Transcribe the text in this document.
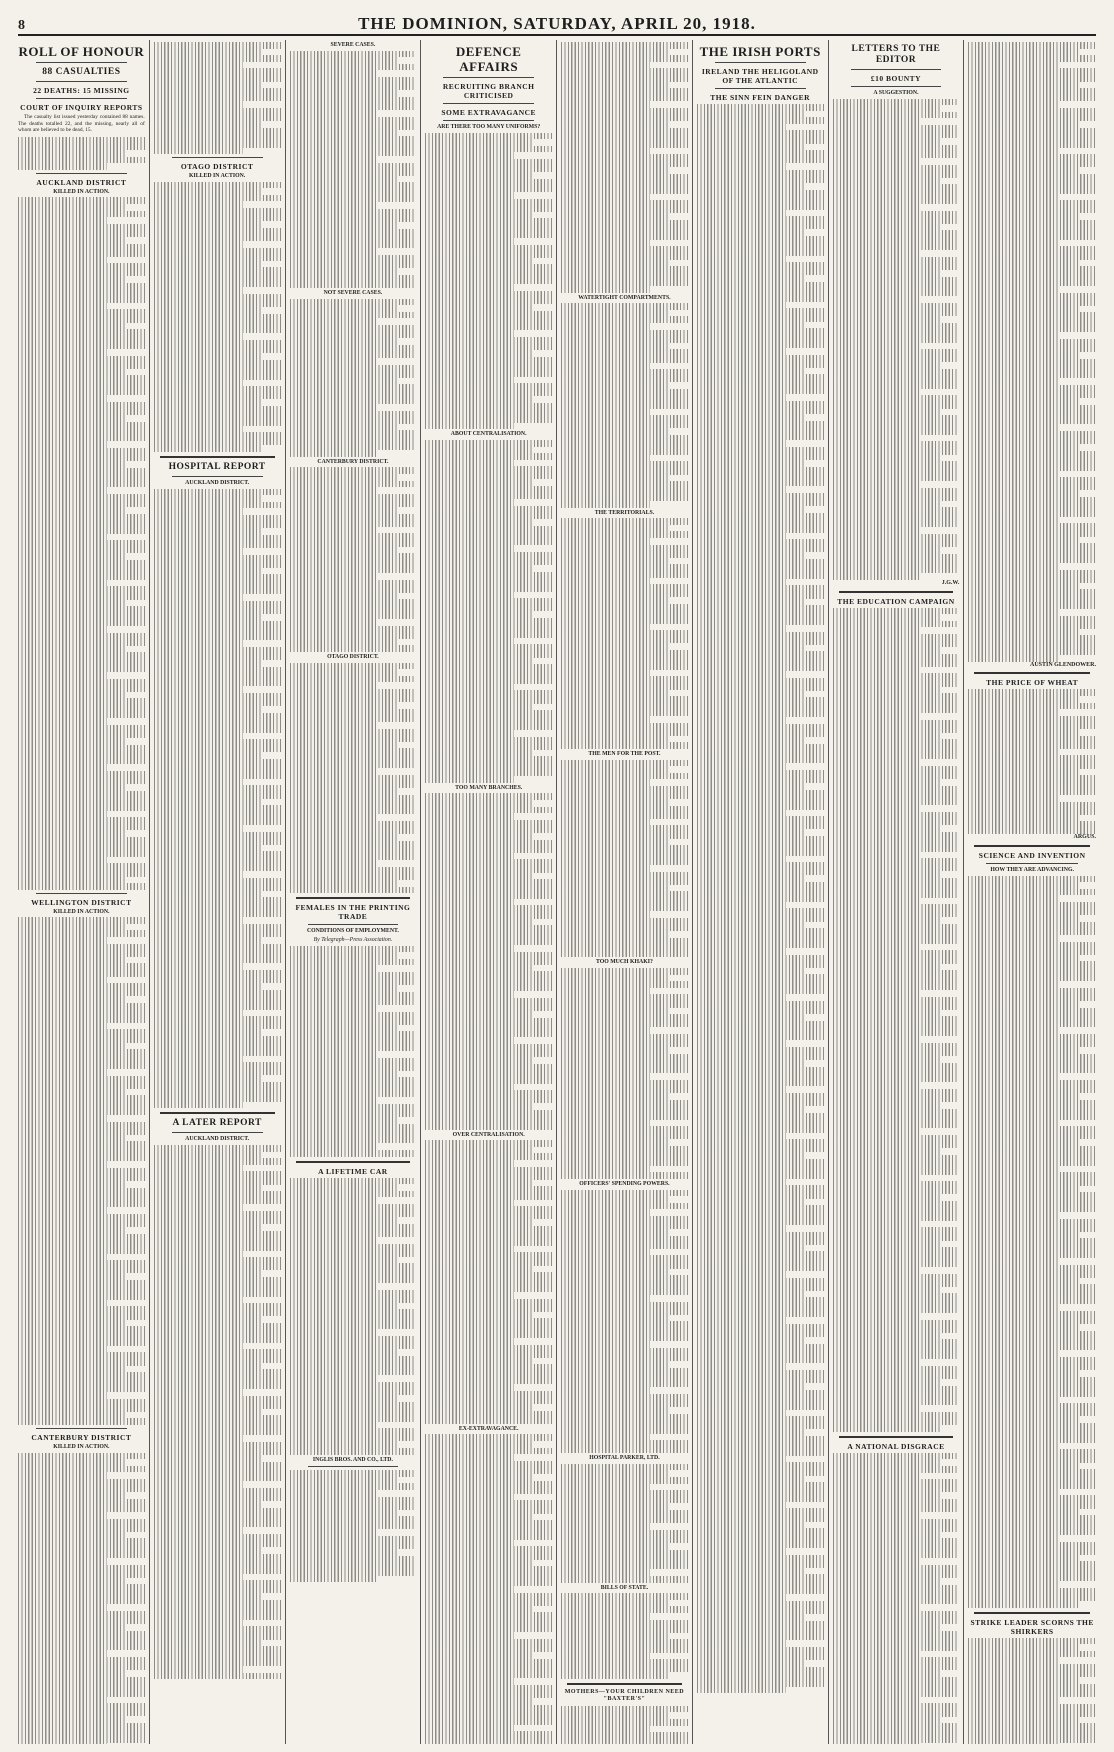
8	THE DOMINION, SATURDAY, APRIL 20, 1918.
ROLL OF HONOUR
88 CASUALTIES
22 DEATHS: 15 MISSING
COURT OF INQUIRY REPORTS

The casualty list issued yesterday contained 88 names. The deaths totalled 22, and the missing, nearly all of whom are believed to be dead, 15.

AUCKLAND DISTRICT
KILLED IN ACTION.
WELLINGTON DISTRICT
KILLED IN ACTION.
CANTERBURY DISTRICT
KILLED IN ACTION.
OTAGO DISTRICT
KILLED IN ACTION.
HOSPITAL REPORT
AUCKLAND DISTRICT.
A LATER REPORT
AUCKLAND DISTRICT.
SEVERE CASES.
NOT SEVERE CASES.
CANTERBURY DISTRICT.
OTAGO DISTRICT.
FEMALES IN THE PRINTING TRADE
CONDITIONS OF EMPLOYMENT.
By Telegraph—Press Association.
A LIFETIME CAR
INGLIS BROS. AND CO., LTD.
DEFENCE AFFAIRS
RECRUITING BRANCH CRITICISED
SOME EXTRAVAGANCE
ARE THERE TOO MANY UNIFORMS?
ABOUT CENTRALISATION.
TOO MANY BRANCHES.
OVER CENTRALISATION.
EX-EXTRAVAGANCE.
WATERTIGHT COMPARTMENTS.
THE TERRITORIALS.
THE MEN FOR THE POST.
TOO MUCH KHAKI?
OFFICERS' SPENDING POWERS.
HOSPITAL PARKER, LTD.
BILLS OF STATE.
MOTHERS—YOUR CHILDREN NEED "BAXTER'S"
THE IRISH PORTS
IRELAND THE HELIGOLAND OF THE ATLANTIC
THE SINN FEIN DANGER
LETTERS TO THE EDITOR
£10 BOUNTY
A SUGGESTION.
J.G.W.
THE EDUCATION CAMPAIGN
A NATIONAL DISGRACE
AUSTIN GLENDOWER.
THE PRICE OF WHEAT
ARGUS.
SCIENCE AND INVENTION
HOW THEY ARE ADVANCING.
STRIKE LEADER SCORNS THE SHIRKERS
